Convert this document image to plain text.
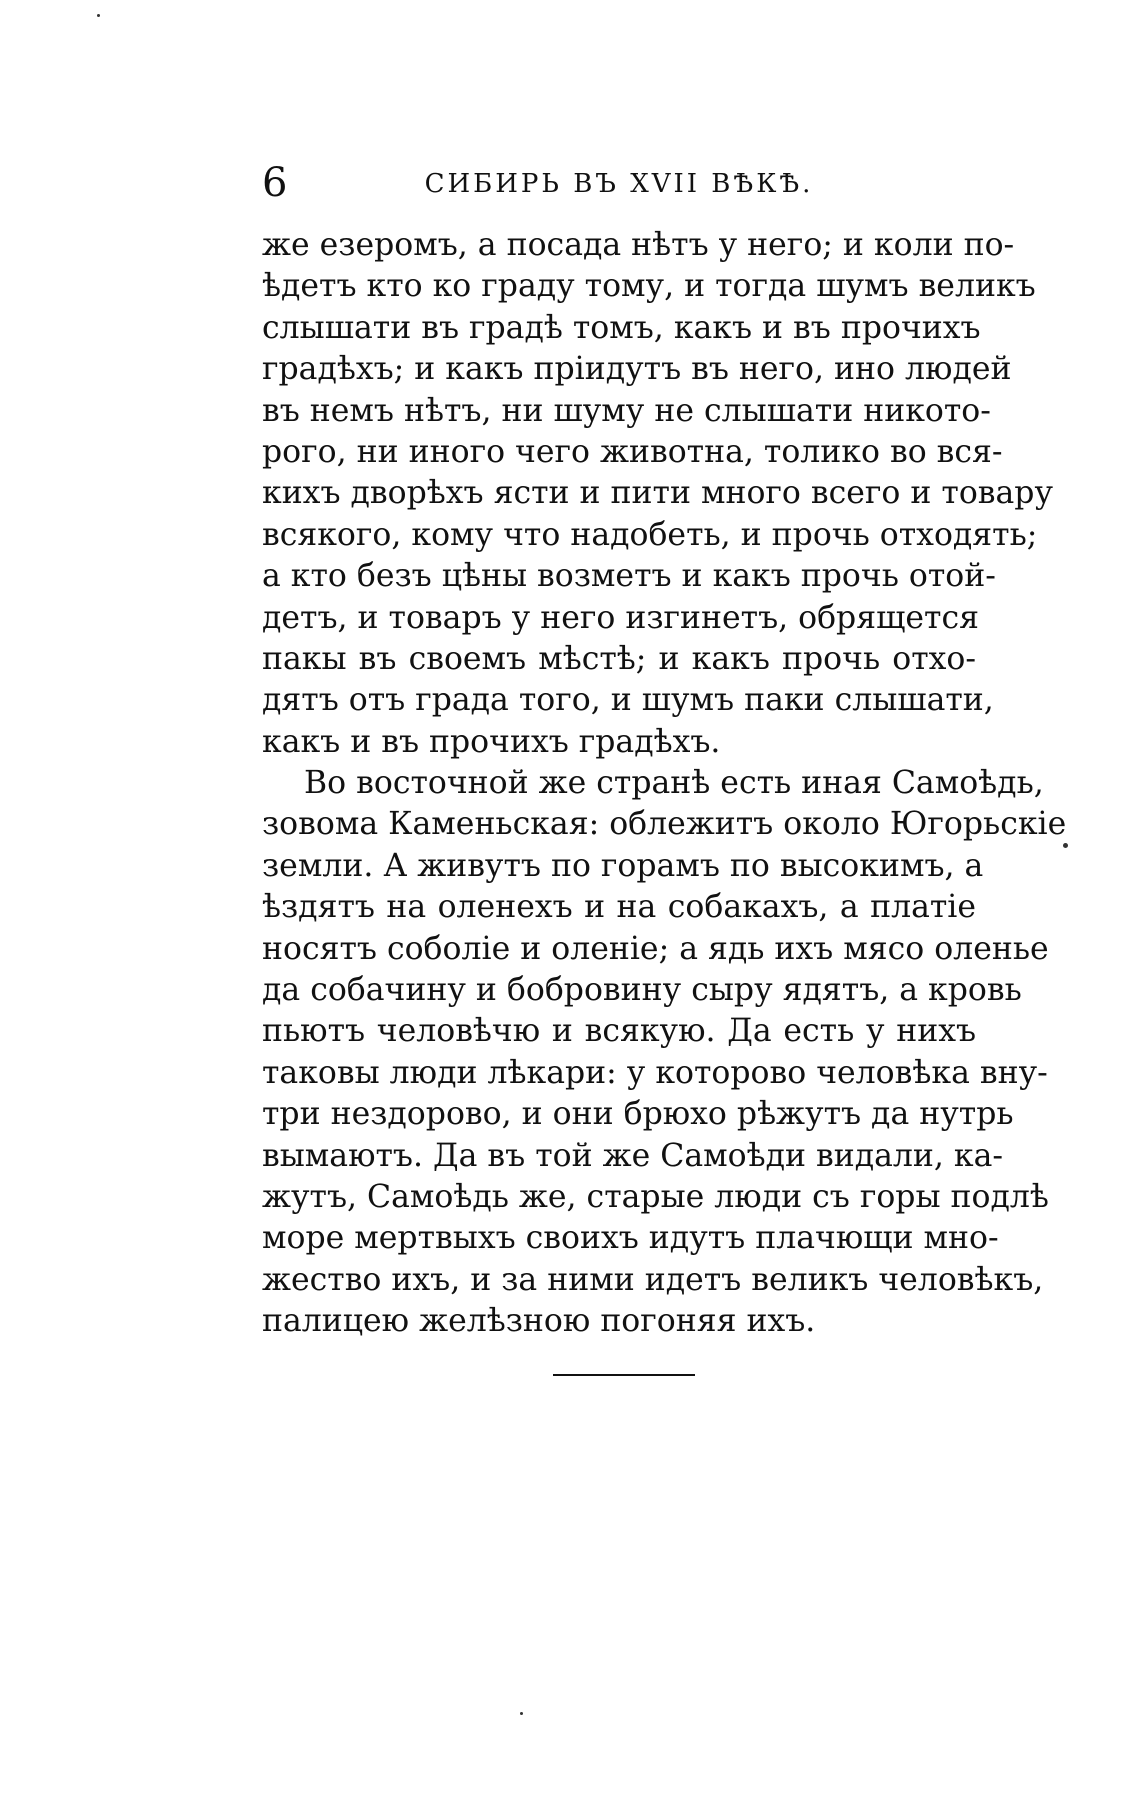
6	СИБИРЬ ВЪ XVII ВѢКѢ.
же езеромъ, а посада нѣтъ у него; и коли по-
ѣдетъ кто ко граду тому, и тогда шумъ великъ
слышати въ градѣ томъ, какъ и въ прочихъ
градѣхъ; и какъ пріидутъ въ него, ино людей
въ немъ нѣтъ, ни шуму не слышати никото-
рого, ни иного чего животна, толико во вся-
кихъ дворѣхъ ясти и пити много всего и товару
всякого, кому что надобеть, и прочь отходять;
а кто безъ цѣны возметъ и какъ прочь отой-
детъ, и товаръ у него изгинетъ, обрящется
пакы въ своемъ мѣстѣ; и какъ прочь отхо-
дятъ отъ града того, и шумъ паки слышати,
какъ и въ прочихъ градѣхъ.
Во восточной же странѣ есть иная Самоѣдь,
зовома Каменьская: облежитъ около Югорьскіе
земли. А живутъ по горамъ по высокимъ, а
ѣздятъ на оленехъ и на собакахъ, а платіе
носятъ соболіе и оленіе; а ядь ихъ мясо оленье
да собачину и бобровину сыру ядятъ, а кровь
пьютъ человѣчю и всякую. Да есть у нихъ
таковы люди лѣкари: у которово человѣка вну-
три нездорово, и они брюхо рѣжутъ да нутрь
вымаютъ. Да въ той же Самоѣди видали, ка-
жутъ, Самоѣдь же, старые люди съ горы подлѣ
море мертвыхъ своихъ идутъ плачющи мно-
жество ихъ, и за ними идетъ великъ человѣкъ,
палицею желѣзною погоняя ихъ.
